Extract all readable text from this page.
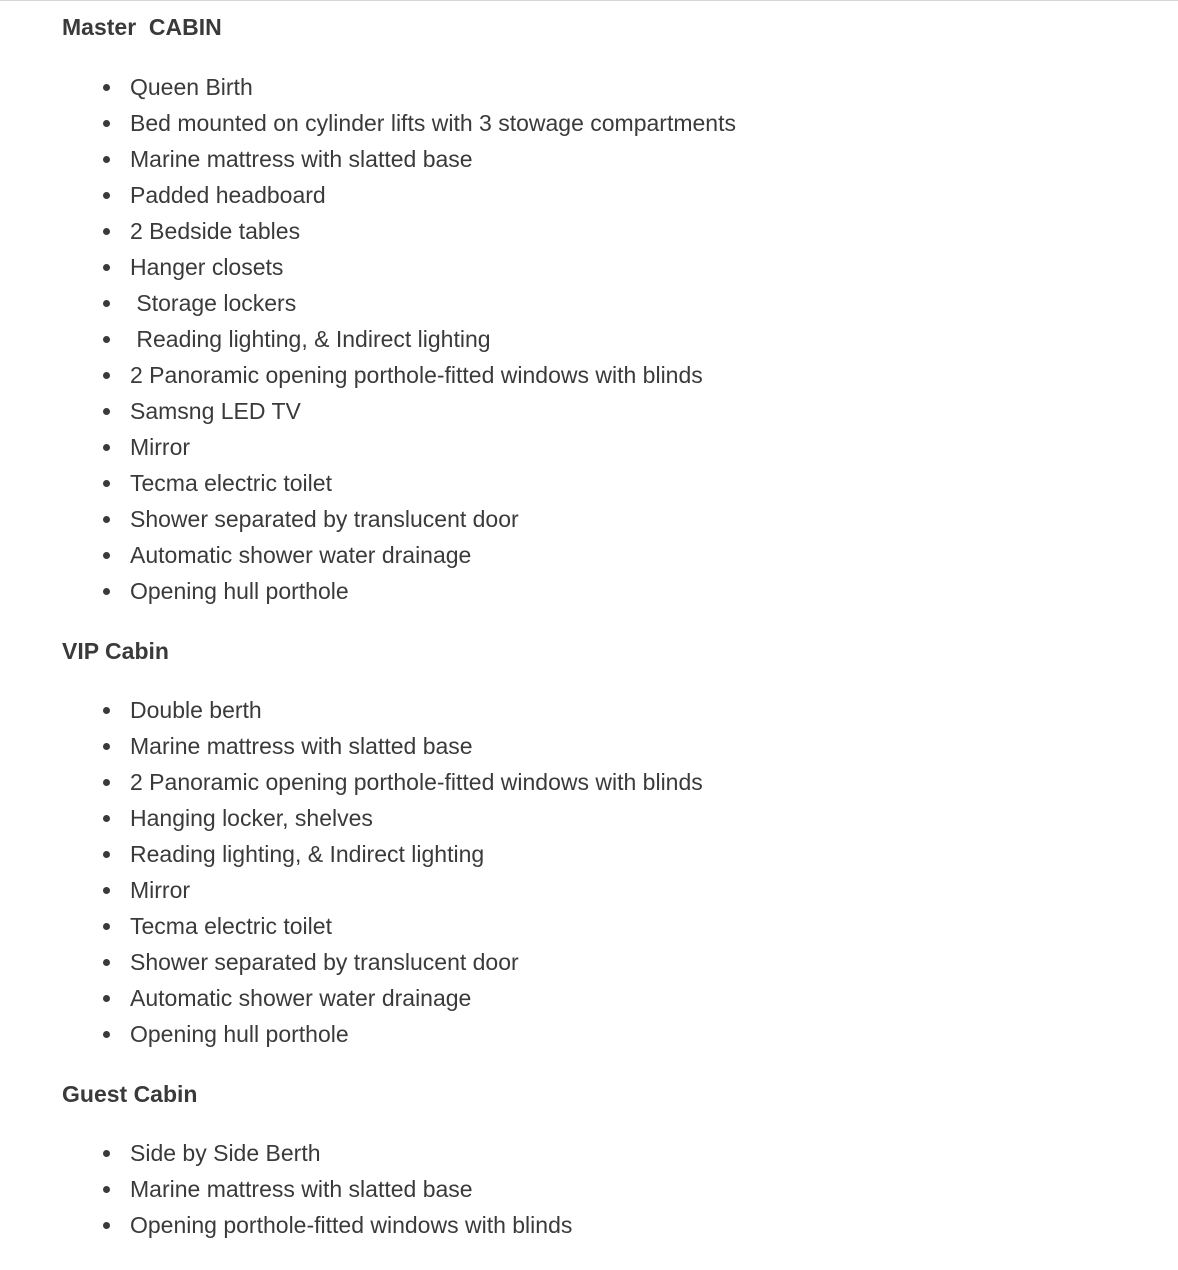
Master  CABIN
Queen Birth
Bed mounted on cylinder lifts with 3 stowage compartments
Marine mattress with slatted base
Padded headboard
2 Bedside tables
Hanger closets
Storage lockers
Reading lighting, & Indirect lighting
2 Panoramic opening porthole-fitted windows with blinds
Samsng LED TV
Mirror
Tecma electric toilet
Shower separated by translucent door
Automatic shower water drainage
Opening hull porthole
VIP Cabin
Double berth
Marine mattress with slatted base
2 Panoramic opening porthole-fitted windows with blinds
Hanging locker, shelves
Reading lighting, & Indirect lighting
Mirror
Tecma electric toilet
Shower separated by translucent door
Automatic shower water drainage
Opening hull porthole
Guest Cabin
Side by Side Berth
Marine mattress with slatted base
Opening porthole-fitted windows with blinds
